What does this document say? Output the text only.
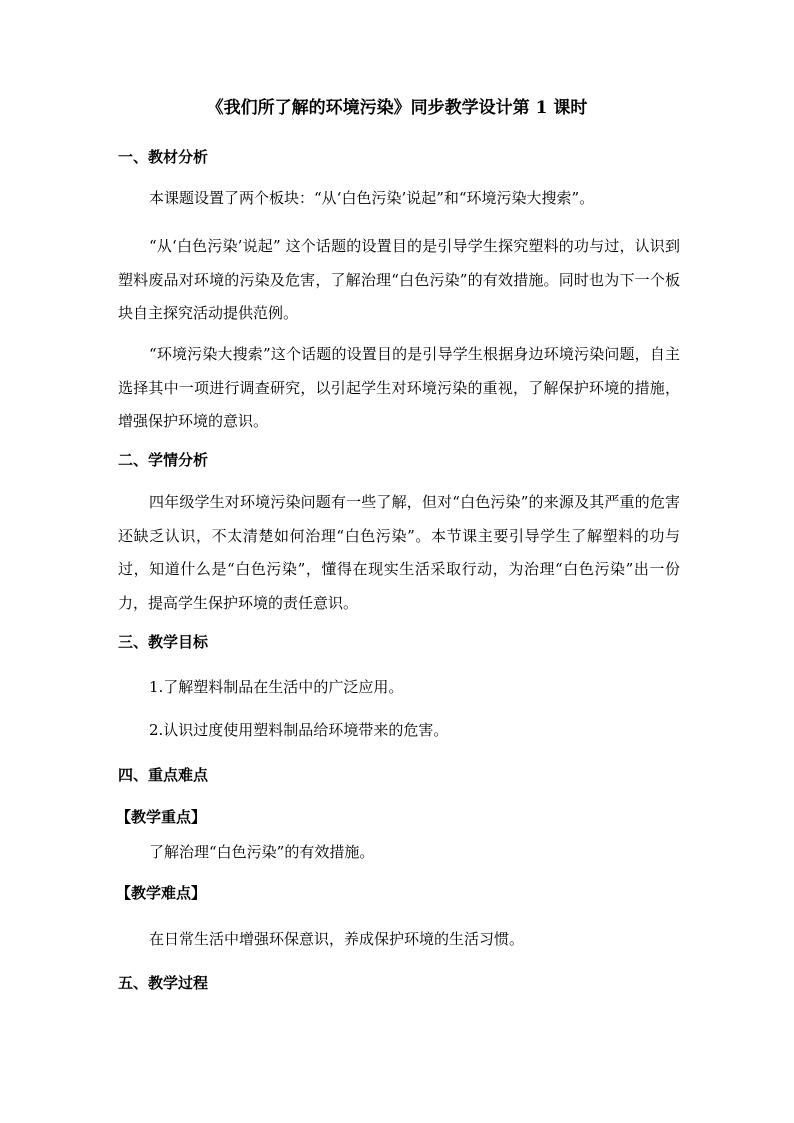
《我们所了解的环境污染》同步教学设计第 1 课时
一、教材分析

本课题设置了两个板块：“从‘白色污染’说起”和“环境污染大搜索”。

“从‘白色污染’说起” 这个话题的设置目的是引导学生探究塑料的功与过，认识到塑料废品对环境的污染及危害，了解治理“白色污染”的有效措施。同时也为下一个板块自主探究活动提供范例。

“环境污染大搜索”这个话题的设置目的是引导学生根据身边环境污染问题，自主选择其中一项进行调查研究，以引起学生对环境污染的重视，了解保护环境的措施，增强保护环境的意识。

二、学情分析

四年级学生对环境污染问题有一些了解，但对“白色污染”的来源及其严重的危害还缺乏认识，不太清楚如何治理“白色污染”。本节课主要引导学生了解塑料的功与过，知道什么是“白色污染”，懂得在现实生活采取行动，为治理“白色污染”出一份力，提高学生保护环境的责任意识。

三、教学目标
1.了解塑料制品在生活中的广泛应用。
2.认识过度使用塑料制品给环境带来的危害。
四、重点难点
【教学重点】
了解治理“白色污染”的有效措施。
【教学难点】
在日常生活中增强环保意识，养成保护环境的生活习惯。
五、教学过程
